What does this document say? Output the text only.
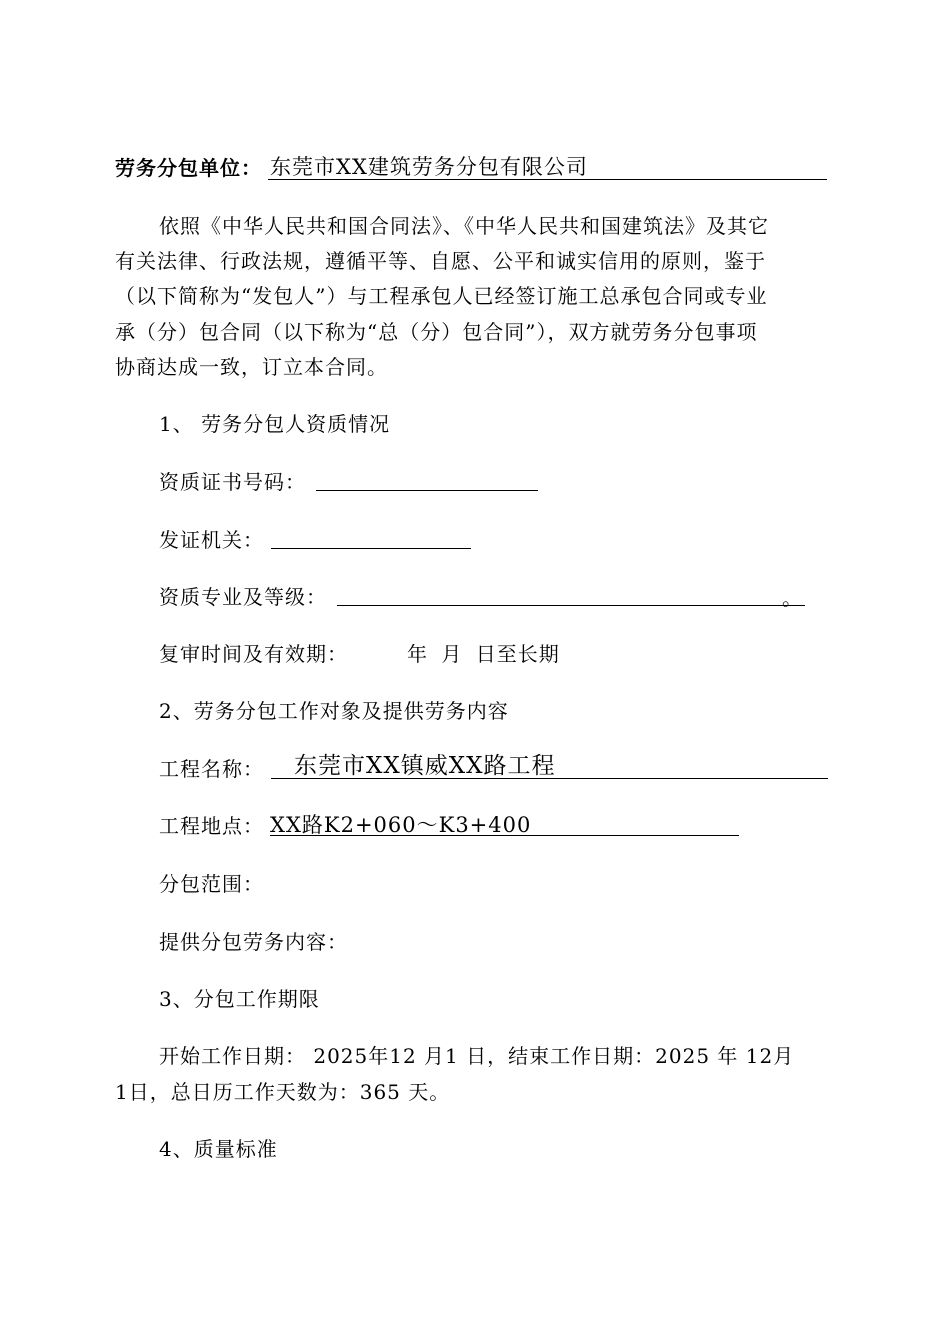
劳务分包单位： 东莞市XX建筑劳务分包有限公司
依照《中华人民共和国合同法》、《中华人民共和国建筑法》及其它
有关法律、行政法规，遵循平等、自愿、公平和诚实信用的原则，鉴于
（以下简称为“发包人”）与工程承包人已经签订施工总承包合同或专业
承（分）包合同（以下称为“总（分）包合同”），双方就劳务分包事项
协商达成一致，订立本合同。
1、 劳务分包人资质情况
资质证书号码：
发证机关：
资质专业及等级：	。
复审时间及有效期：	年 月 日至长期
2、劳务分包工作对象及提供劳务内容
工程名称： 东莞市XX镇威XX路工程
工程地点： XX路K2+060～K3+400
分包范围：
提供分包劳务内容：
3、分包工作期限
开始工作日期： 2025年12 月1 日，结束工作日期：2025 年 12月
1日，总日历工作天数为：365 天。
4、质量标准
